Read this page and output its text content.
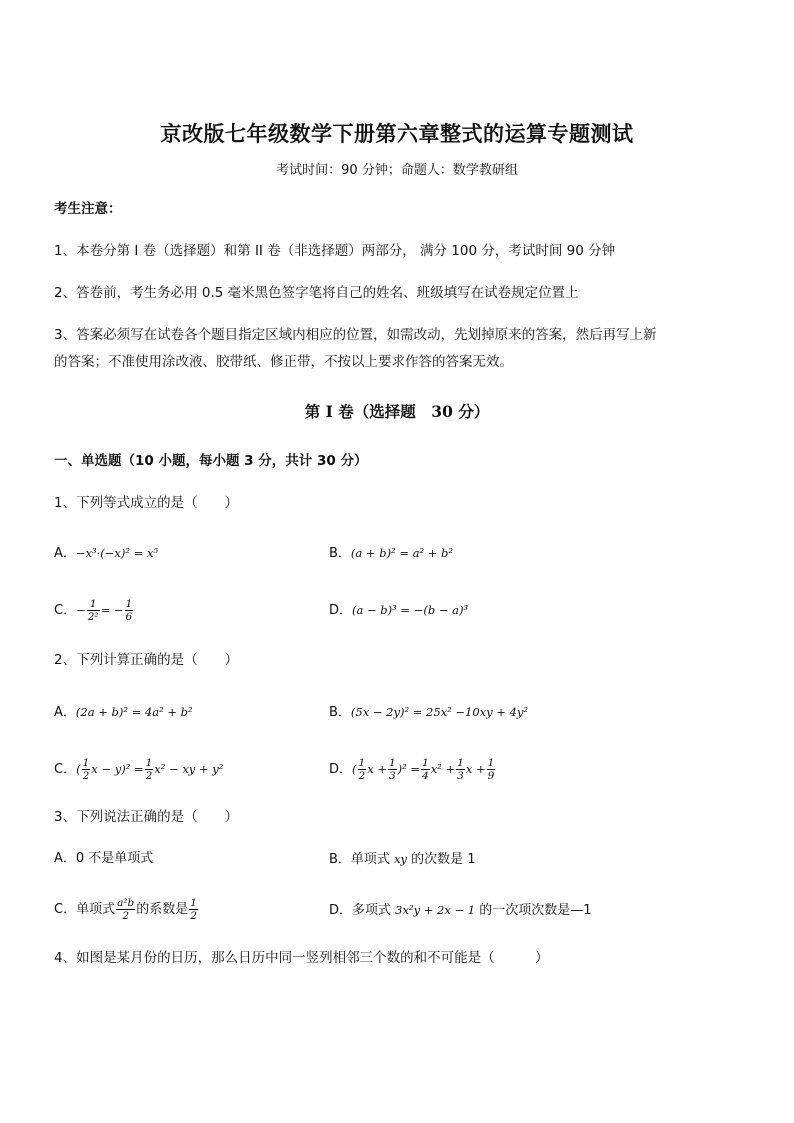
京改版七年级数学下册第六章整式的运算专题测试
考试时间：90 分钟；命题人：数学教研组
考生注意：
1、本卷分第 I 卷（选择题）和第 II 卷（非选择题）两部分， 满分 100 分，考试时间 90 分钟
2、答卷前，考生务必用 0.5 毫米黑色签字笔将自己的姓名、班级填写在试卷规定位置上
3、答案必须写在试卷各个题目指定区域内相应的位置，如需改动，先划掉原来的答案，然后再写上新
的答案；不准使用涂改液、胶带纸、修正带，不按以上要求作答的答案无效。
第 I 卷（选择题　30 分）
一、单选题（10 小题，每小题 3 分，共计 30 分）
1、下列等式成立的是（　　）
A．−x³·(−x)² = x⁵	B．(a + b)² = a² + b²
C．− $\frac{1}{\text{2²}}$ = − $\frac{1}{6}$	D．(a − b)³ = −(b − a)³
2、下列计算正确的是（　　）
A．(2a + b)² = 4a² + b²	B．(5x − 2y)² = 25x² −10xy + 4y²
C．( $\frac{1}{2}$ $x - y)^2 = \frac{1}{2} x^2$ − xy + y²	D．( $\frac{1}{2}$ $x + \frac{1}{3} )^2 = \frac{1}{4} x^2 + \frac{1}{3}$ $x + \frac{1}{9}$
3、下列说法正确的是（　　）
A．0 不是单项式	B．单项式 xy 的次数是 1
C．单项式 $\frac{\text{a²b}}{2}$ 的系数是 $\frac{1}{2}$	D．多项式 3x²y + 2x − 1 的一次项次数是—1
4、如图是某月份的日历，那么日历中同一竖列相邻三个数的和不可能是（　　　）
